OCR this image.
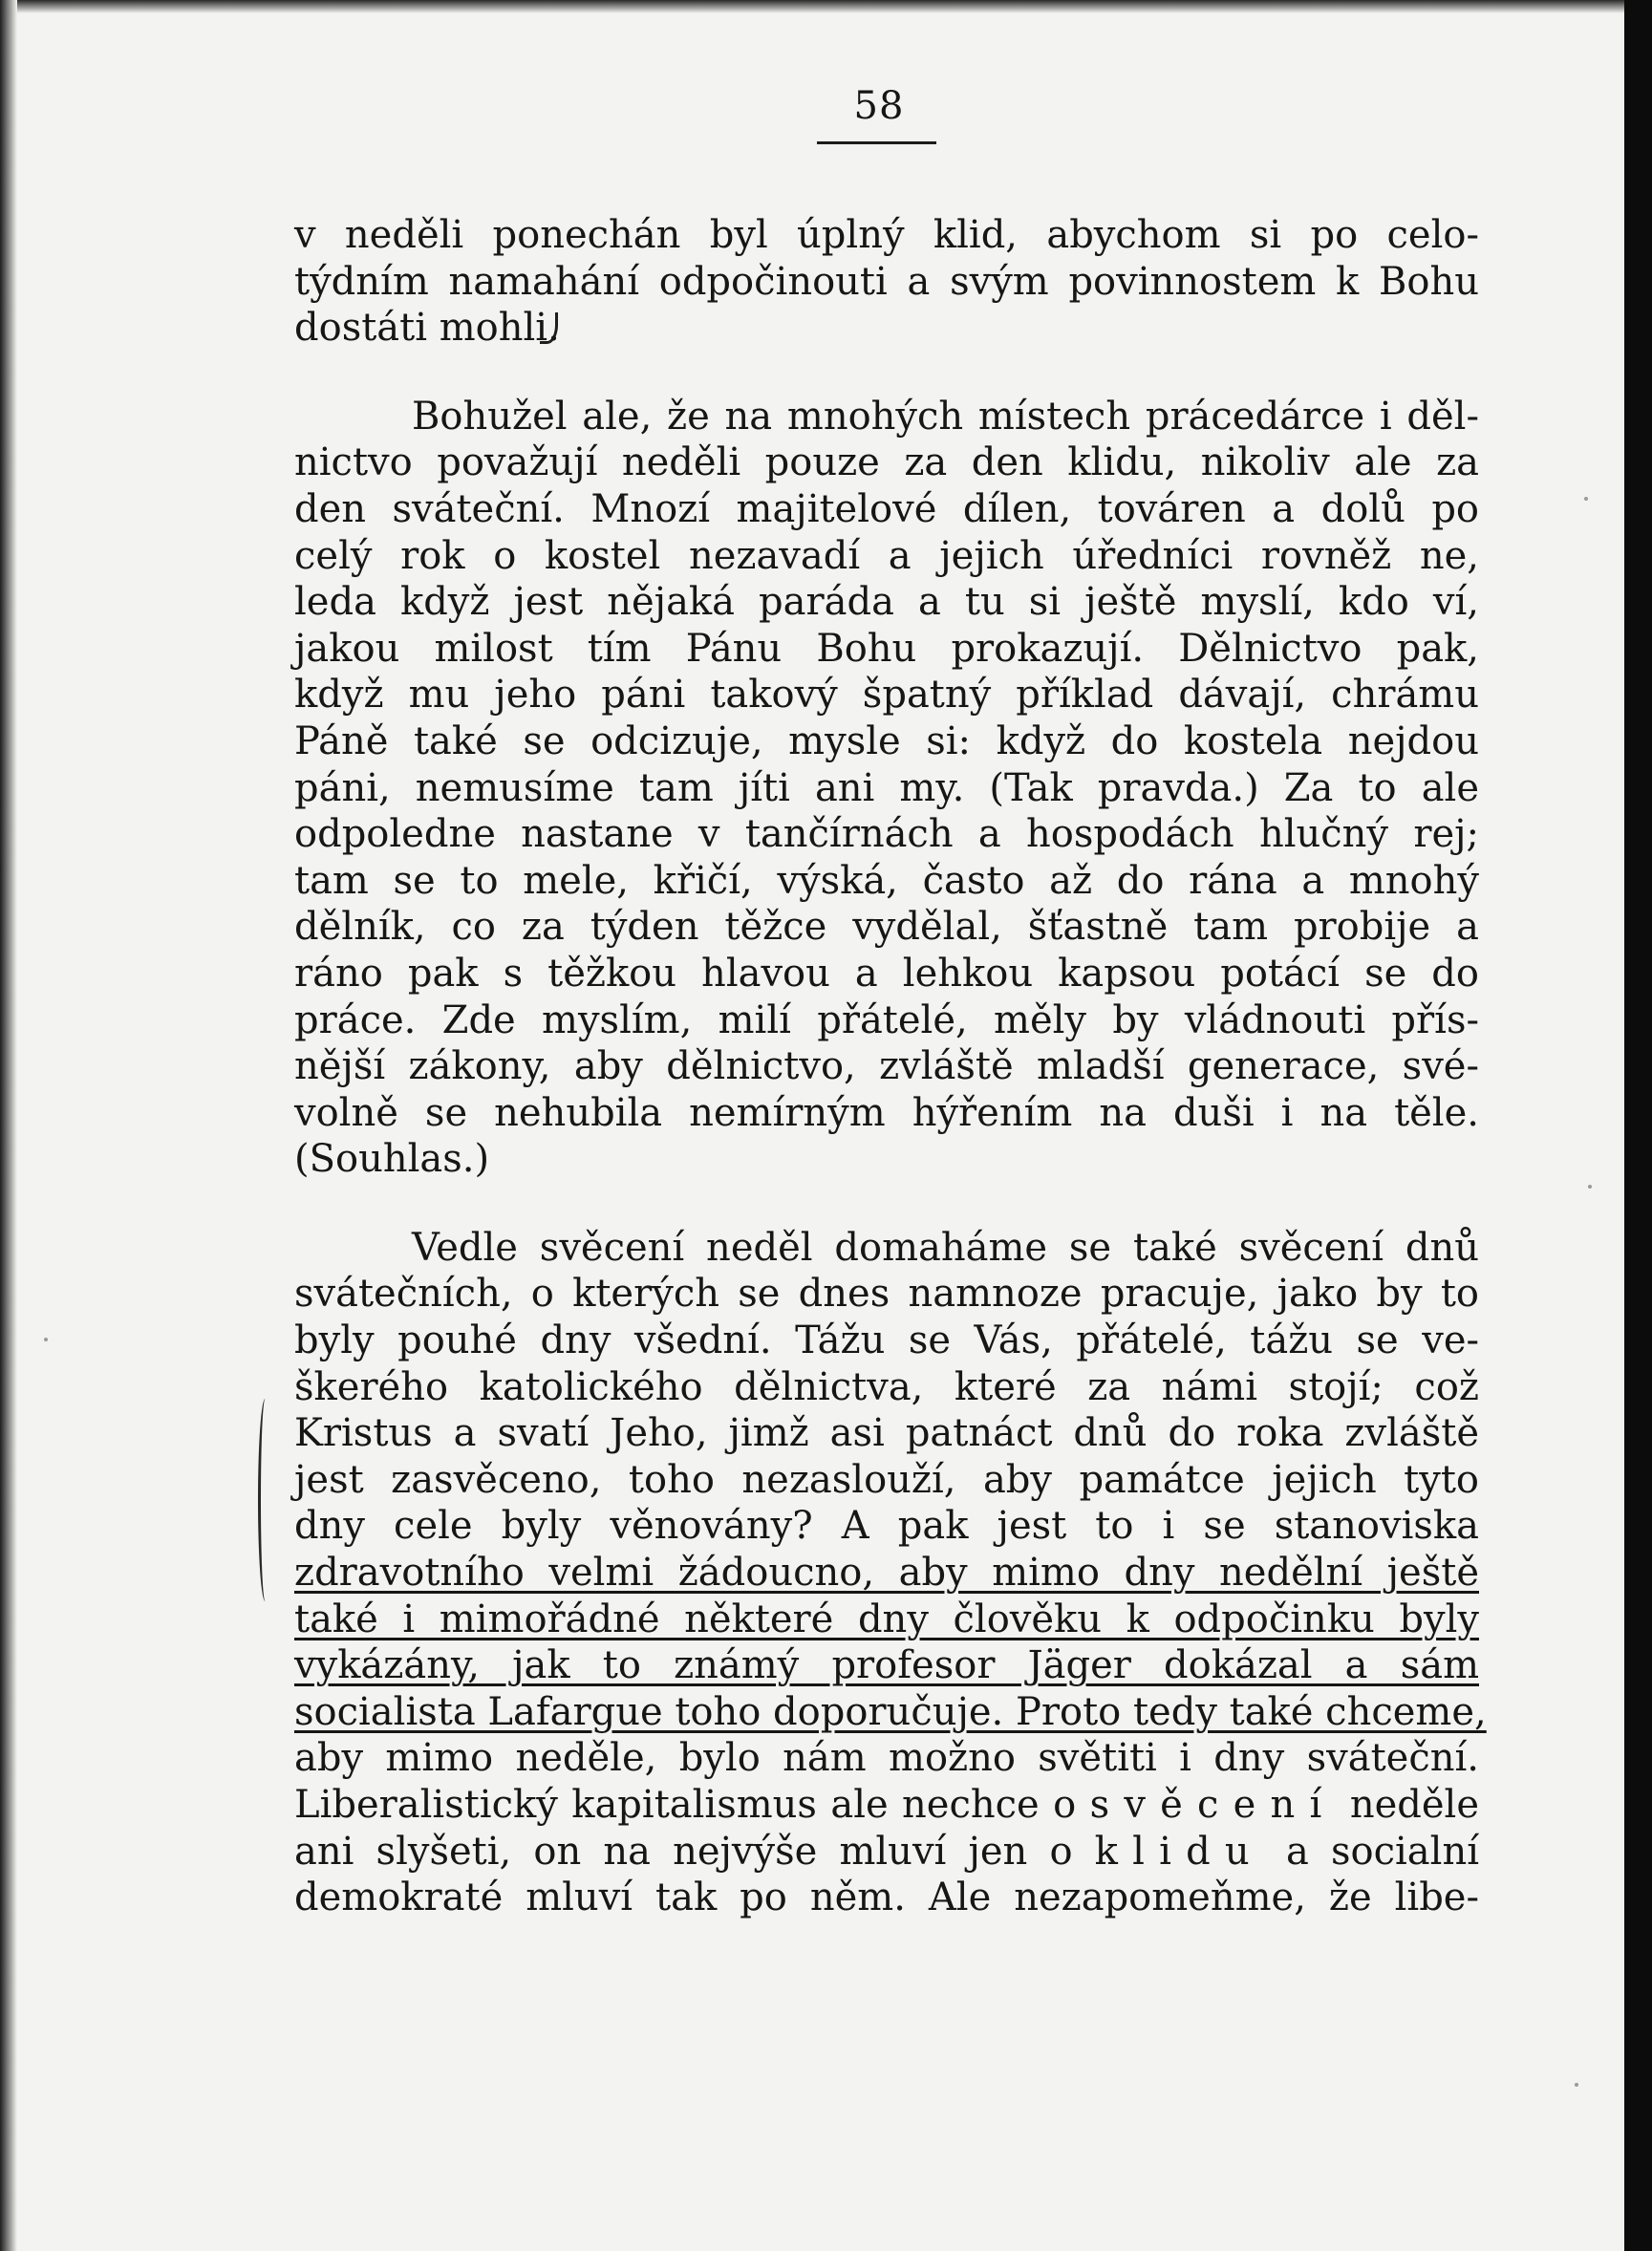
58
v neděli ponechán byl úplný klid, abychom si po celo-
týdním namahání odpočinouti a svým povinnostem k Bohu
dostáti mohli.
Bohužel ale, že na mnohých místech prácedárce i děl-
nictvo považují neděli pouze za den klidu, nikoliv ale za
den sváteční. Mnozí majitelové dílen, továren a dolů po
celý rok o kostel nezavadí a jejich úředníci rovněž ne,
leda když jest nějaká paráda a tu si ještě myslí, kdo ví,
jakou milost tím Pánu Bohu prokazují. Dělnictvo pak,
když mu jeho páni takový špatný příklad dávají, chrámu
Páně také se odcizuje, mysle si: když do kostela nejdou
páni, nemusíme tam jíti ani my. (Tak pravda.) Za to ale
odpoledne nastane v tančírnách a hospodách hlučný rej;
tam se to mele, křičí, výská, často až do rána a mnohý
dělník, co za týden těžce vydělal, šťastně tam probije a
ráno pak s těžkou hlavou a lehkou kapsou potácí se do
práce. Zde myslím, milí přátelé, měly by vládnouti přís-
nější zákony, aby dělnictvo, zvláště mladší generace, své-
volně se nehubila nemírným hýřením na duši i na těle.
(Souhlas.)
Vedle svěcení neděl domaháme se také svěcení dnů
svátečních, o kterých se dnes namnoze pracuje, jako by to
byly pouhé dny všední. Tážu se Vás, přátelé, tážu se ve-
škerého katolického dělnictva, které za námi stojí; což
Kristus a svatí Jeho, jimž asi patnáct dnů do roka zvláště
jest zasvěceno, toho nezaslouží, aby památce jejich tyto
dny cele byly věnovány? A pak jest to i se stanoviska
zdravotního velmi žádoucno, aby mimo dny nedělní ještě
také i mimořádné některé dny člověku k odpočinku byly
vykázány, jak to známý profesor Jäger dokázal a sám
socialista Lafargue toho doporučuje. Proto tedy také chceme,
aby mimo neděle, bylo nám možno světiti i dny sváteční.
Liberalistický kapitalismus ale nechce o svěcení neděle
ani slyšeti, on na nejvýše mluví jen o klidu a socialní
demokraté mluví tak po něm. Ale nezapomeňme, že libe-
